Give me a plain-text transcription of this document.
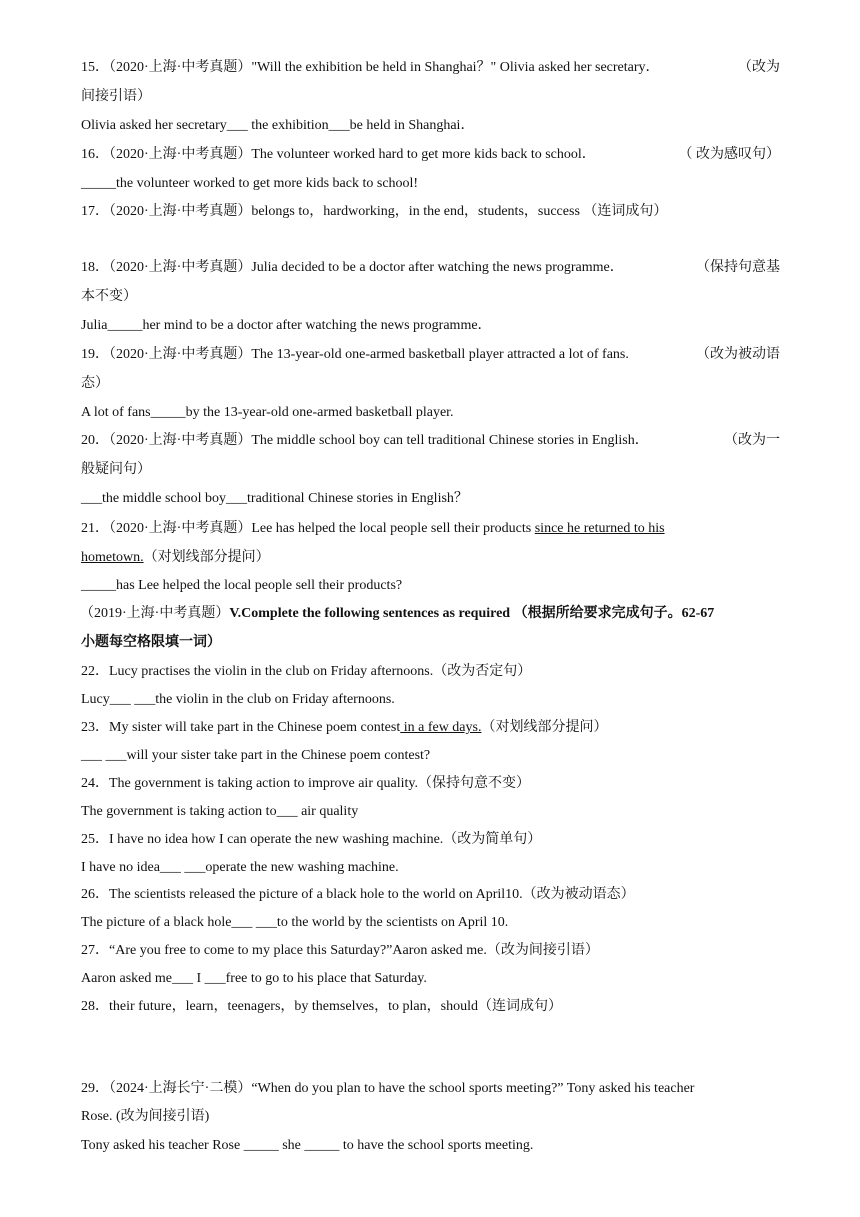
15．（2020·上海·中考真题）"Will the exhibition be held in Shanghai？" Olivia asked her secretary．	（改为
间接引语）
Olivia asked her secretary___ the exhibition___be held in Shanghai．
16．（2020·上海·中考真题）The volunteer worked hard to get more kids back to school．	（ 改为感叹句）
_____the volunteer worked to get more kids back to school!
17．（2020·上海·中考真题）belongs to，hardworking，in the end，students，success （连词成句）
18．（2020·上海·中考真题）Julia decided to be a doctor after watching the news programme．	（保持句意基
本不变）
Julia_____her mind to be a doctor after watching the news programme．
19．（2020·上海·中考真题）The 13-year-old one-armed basketball player attracted a lot of fans.	（改为被动语
态）
A lot of fans_____by the 13-year-old one-armed basketball player.
20．（2020·上海·中考真题）The middle school boy can tell traditional Chinese stories in English．	（改为一
般疑问句）
___the middle school boy___traditional Chinese stories in English？
21．（2020·上海·中考真题）Lee has helped the local people sell their products since he returned to his
hometown.（对划线部分提问）
_____has Lee helped the local people sell their products?
（2019·上海·中考真题）V.Complete the following sentences as required （根据所给要求完成句子。62-67
小题每空格限填一词）
22．Lucy practises the violin in the club on Friday afternoons.（改为否定句）
Lucy___ ___the violin in the club on Friday afternoons.
23．My sister will take part in the Chinese poem contest in a few days.（对划线部分提问）
___ ___will your sister take part in the Chinese poem contest?
24．The government is taking action to improve air quality.（保持句意不变）
The government is taking action to___ air quality
25．I have no idea how I can operate the new washing machine.（改为简单句）
I have no idea___ ___operate the new washing machine.
26．The scientists released the picture of a black hole to the world on April10.（改为被动语态）
The picture of a black hole___ ___to the world by the scientists on April 10.
27．“Are you free to come to my place this Saturday?”Aaron asked me.（改为间接引语）
Aaron asked me___ I ___free to go to his place that Saturday.
28．their future，learn，teenagers，by themselves，to plan，should（连词成句）
29．（2024·上海长宁·二模）“When do you plan to have the school sports meeting?” Tony asked his teacher
Rose. (改为间接引语)
Tony asked his teacher Rose _____ she _____ to have the school sports meeting.
